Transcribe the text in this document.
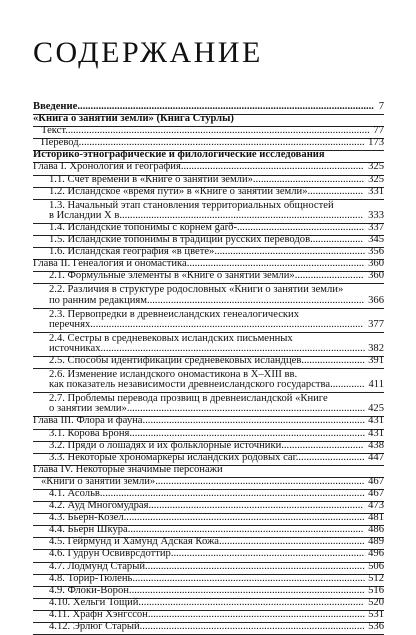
СОДЕРЖАНИЕ
Введение................................................................................................................ 7
«Книга о занятии земли» (Книга Стурлы)
Текст................................................................................................................... 77
Перевод............................................................................................................ 173
Историко-этнографические и филологические исследования
Глава I. Хронология и география..................................................................... 325
1.1. Счет времени в «Книге о занятии земли».......................................... 325
1.2. Исландское «время пути» в «Книге о занятии земли»..................... 331
1.3. Начальный этап становления территориальных общностей
в Исландии X в............................................................................................ 333
1.4. Исландские топонимы с корнем garð-................................................ 337
1.5. Исландские топонимы в традиции русских переводов.................... 345
1.6. Исландская география «в цвете»......................................................... 356
Глава II. Генеалогия и ономастика................................................................... 360
2.1. Формульные элементы в «Книге о занятии земли».......................... 360
2.2. Различия в структуре родословных «Книги о занятии земли»
по ранним редакциям.................................................................................. 366
2.3. Первопредки в древнеисландских генеалогических
перечнях....................................................................................................... 377
2.4. Сестры в средневековых исландских письменных
источниках.................................................................................................... 382
2.5. Способы идентификации средневековых исландцев........................ 391
2.6. Изменение исландского ономастикона в X–XIII вв.
как показатель независимости древнеисландского государства............. 411
2.7. Проблемы перевода прозвищ в древнеисландской «Книге
о занятии земли».......................................................................................... 425
Глава III. Флора и фауна.................................................................................... 431
3.1. Корова Броня......................................................................................... 431
3.2. Пряди о лошадях и их фольклорные источники............................... 438
3.3. Некоторые хрономаркеры исландских родовых саг.......................... 447
Глава IV. Некоторые значимые персонажи
«Книги о занятии земли»............................................................................... 467
4.1. Асольв.................................................................................................... 467
4.2. Ауд Многомудрая................................................................................. 473
4.3. Бьёрн-Козел........................................................................................... 481
4.4. Бьёрн Шкура......................................................................................... 486
4.5. Гейрмунд и Хамунд Адская Кожа....................................................... 489
4.6. Гудрун Освиврсдоттир......................................................................... 496
4.7. Лодмунд Старый................................................................................... 506
4.8. Торир-Тюлень........................................................................................ 512
4.9. Флоки-Ворон......................................................................................... 516
4.10. Хельги Тощий..................................................................................... 520
4.11. Храфн Хэнгссон.................................................................................. 531
4.12. Эрлюг Старый..................................................................................... 536
